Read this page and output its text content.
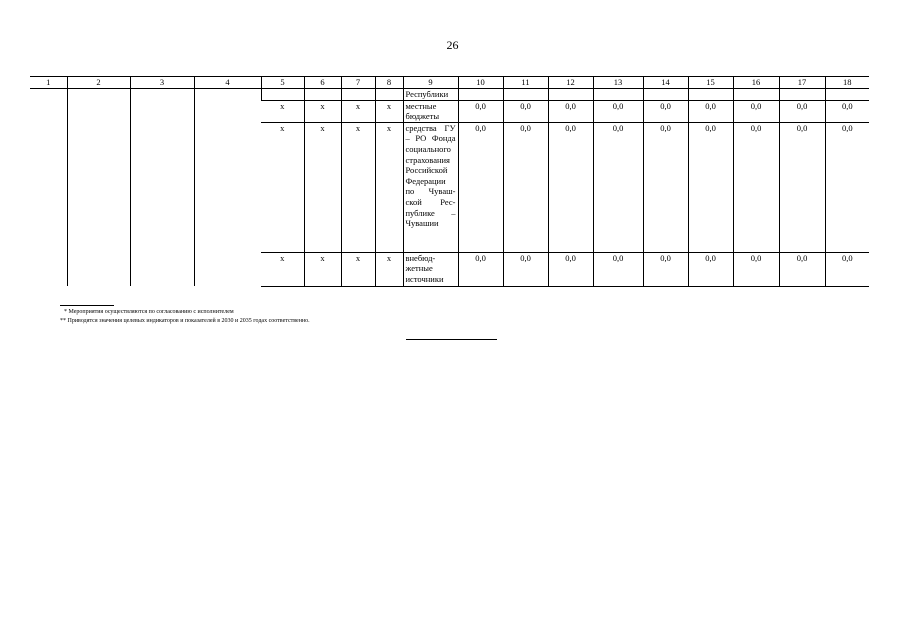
26
1	2	3	4	5	6	7	8	9	10	11	12	13	14	15	16	17	18
								Республики									
				х	х	х	х	местные бюджеты	0,0	0,0	0,0	0,0	0,0	0,0	0,0	0,0	0,0
				х	х	х	х	средства ГУ – РО Фонда социального страхования Российской Федерации по Чувашской Республике – Чувашии	0,0	0,0	0,0	0,0	0,0	0,0	0,0	0,0	0,0
				х	х	х	х	внебюджетные источники	0,0	0,0	0,0	0,0	0,0	0,0	0,0	0,0	0,0
* Мероприятия осуществляются по согласованию с исполнителем
** Приводятся значения целевых индикаторов и показателей в 2030 и 2035 годах соответственно.
